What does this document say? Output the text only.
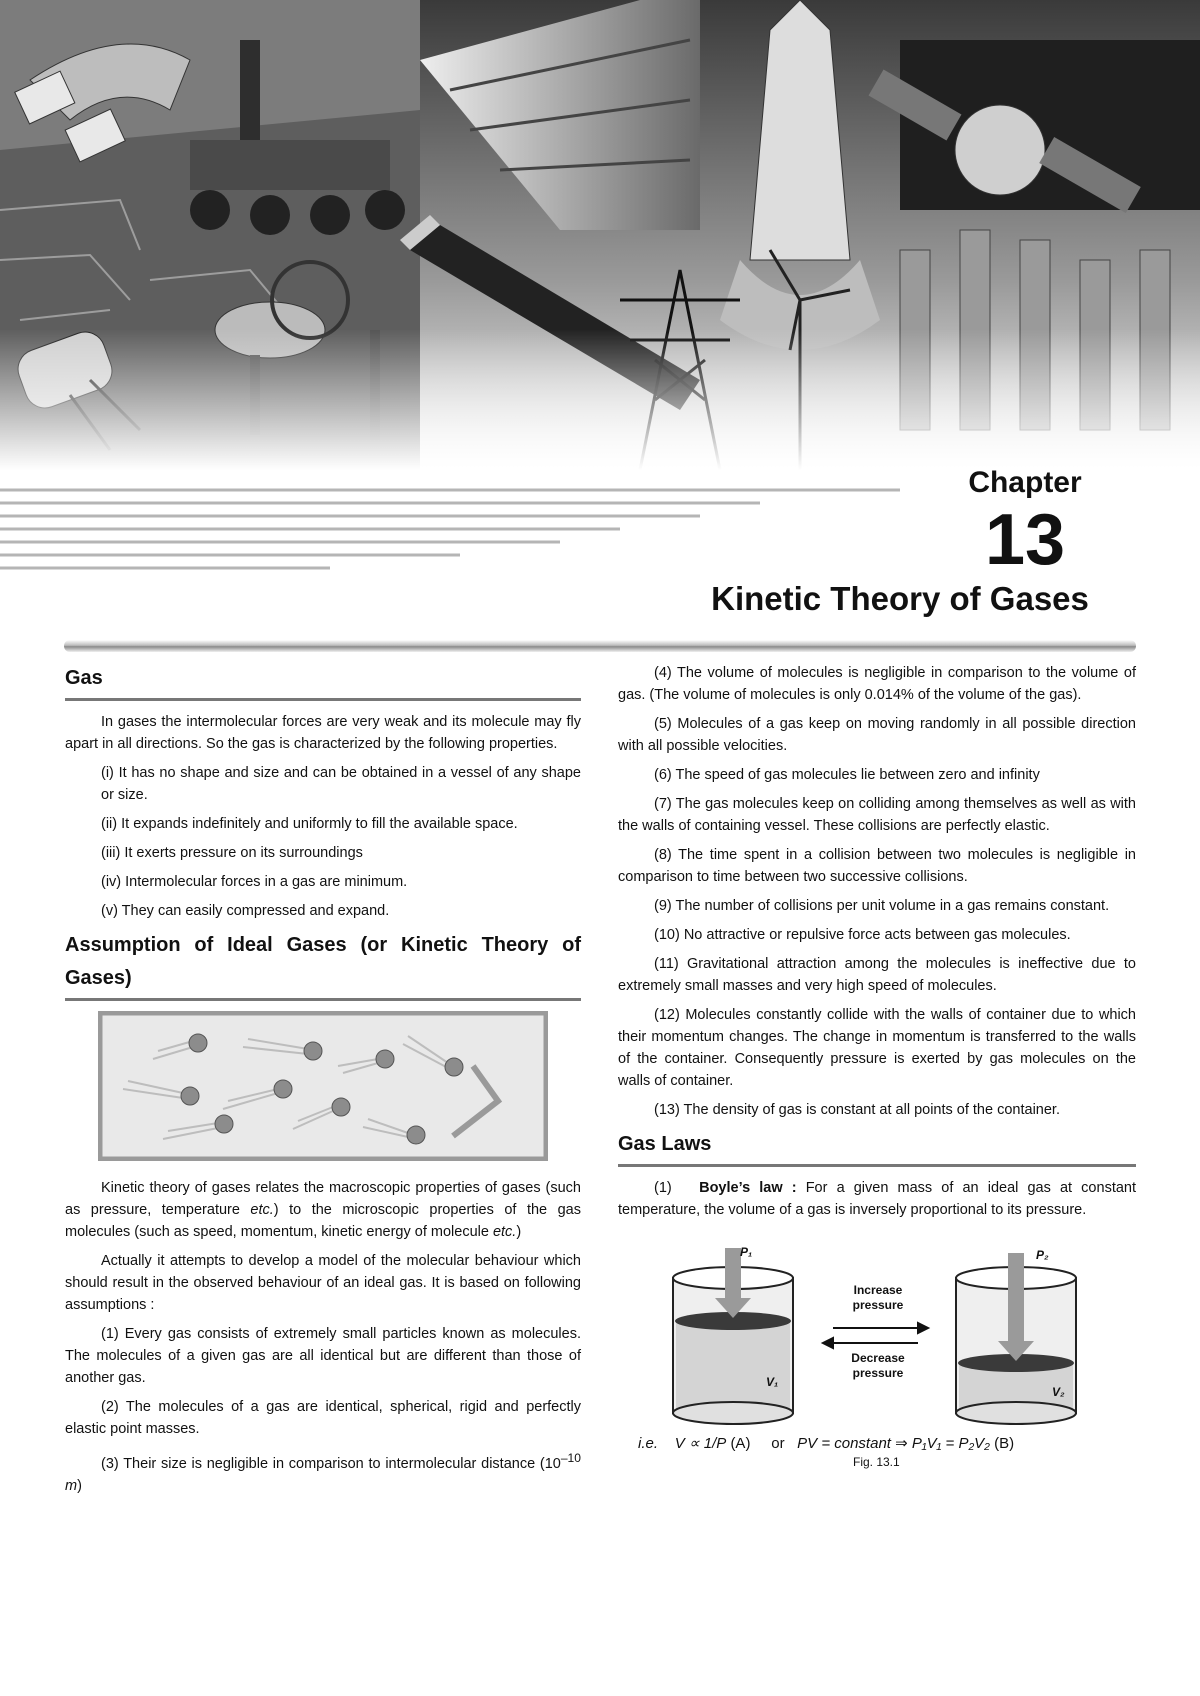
Chapter
13
Kinetic Theory of Gases
Gas

In gases the intermolecular forces are very weak and its molecule may fly apart in all directions. So the gas is characterized by the following properties.

(i) It has no shape and size and can be obtained in a vessel of any shape or size.

(ii) It expands indefinitely and uniformly to fill the available space.

(iii) It exerts pressure on its surroundings

(iv) Intermolecular forces in a gas are minimum.

(v) They can easily compressed and expand.

Assumption of Ideal Gases (or Kinetic Theory of Gases)

Kinetic theory of gases relates the macroscopic properties of gases (such as pressure, temperature etc.) to the microscopic properties of the gas molecules (such as speed, momentum, kinetic energy of molecule etc.)

Actually it attempts to develop a model of the molecular behaviour which should result in the observed behaviour of an ideal gas. It is based on following assumptions :

(1) Every gas consists of extremely small particles known as molecules. The molecules of a given gas are all identical but are different than those of another gas.

(2) The molecules of a gas are identical, spherical, rigid and perfectly elastic point masses.

(3) Their size is negligible in comparison to intermolecular distance ($10^{-10}$ m)

(4) The volume of molecules is negligible in comparison to the volume of gas. (The volume of molecules is only 0.014% of the volume of the gas).

(5) Molecules of a gas keep on moving randomly in all possible direction with all possible velocities.

(6) The speed of gas molecules lie between zero and infinity

(7) The gas molecules keep on colliding among themselves as well as with the walls of containing vessel. These collisions are perfectly elastic.

(8) The time spent in a collision between two molecules is negligible in comparison to time between two successive collisions.

(9) The number of collisions per unit volume in a gas remains constant.

(10) No attractive or repulsive force acts between gas molecules.

(11) Gravitational attraction among the molecules is ineffective due to extremely small masses and very high speed of molecules.

(12) Molecules constantly collide with the walls of container due to which their momentum changes. The change in momentum is transferred to the walls of the container. Consequently pressure is exerted by gas molecules on the walls of container.

(13) The density of gas is constant at all points of the container.

Gas Laws

(1) Boyle’s law : For a given mass of an ideal gas at constant temperature, the volume of a gas is inversely proportional to its pressure.

P₁	P₂
V₁
V₂
Increase pressure
Decrease pressure
i.e. V ∝ 1/P (A) or PV = constant ⇒ P₁V₁ = P₂V₂ (B)
Fig. 13.1
